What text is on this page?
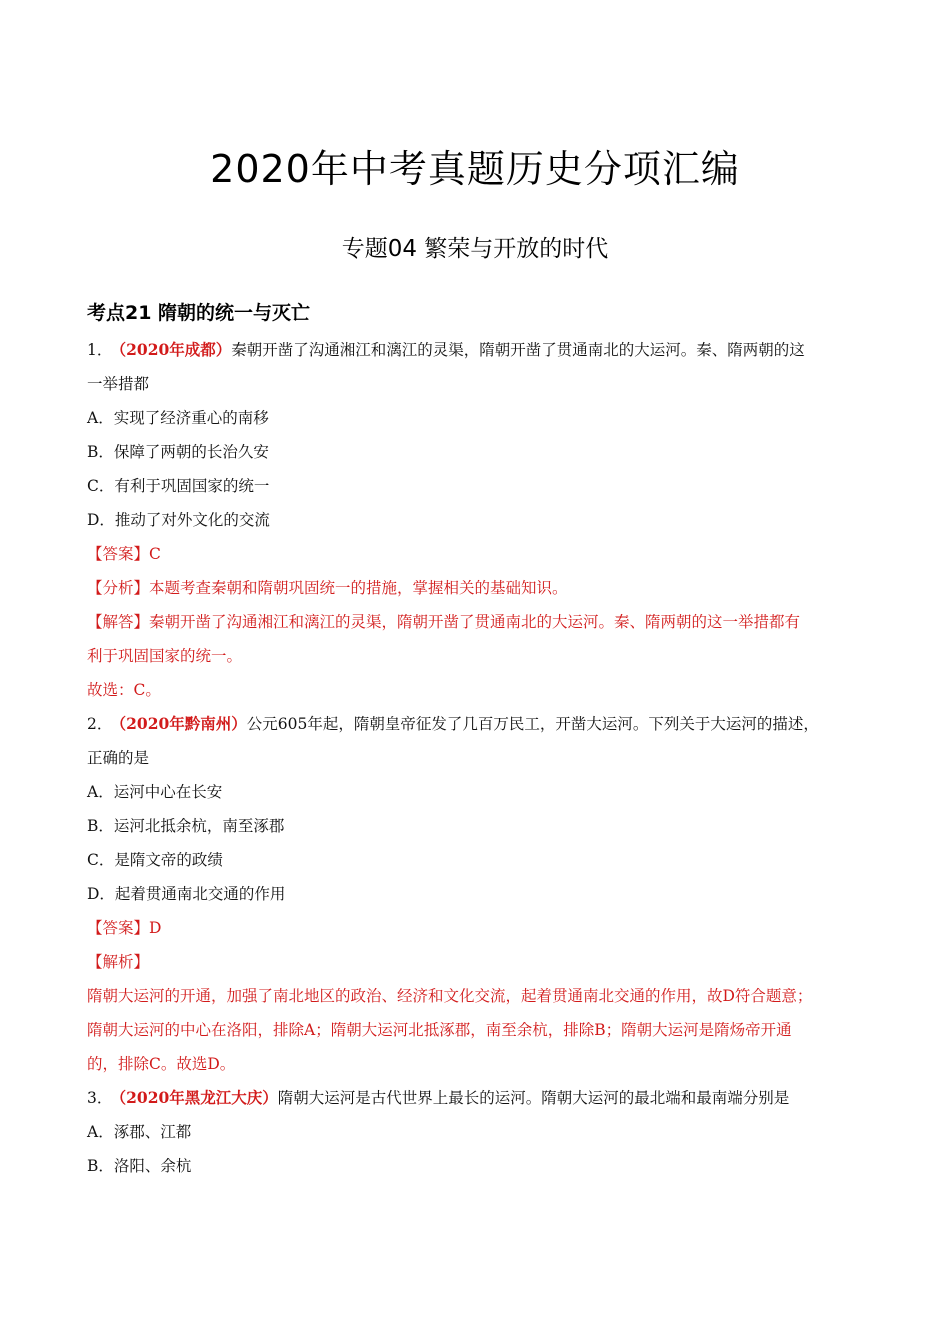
2020年中考真题历史分项汇编
专题04 繁荣与开放的时代
考点21 隋朝的统一与灭亡
1． （2020年成都）秦朝开凿了沟通湘江和漓江的灵渠，隋朝开凿了贯通南北的大运河。秦、隋两朝的这
一举措都
A．实现了经济重心的南移
B．保障了两朝的长治久安
C．有利于巩固国家的统一
D．推动了对外文化的交流
【答案】C
【分析】本题考查秦朝和隋朝巩固统一的措施，掌握相关的基础知识。
【解答】秦朝开凿了沟通湘江和漓江的灵渠，隋朝开凿了贯通南北的大运河。秦、隋两朝的这一举措都有
利于巩固国家的统一。
故选：C。
2． （2020年黔南州）公元605年起，隋朝皇帝征发了几百万民工，开凿大运河。下列关于大运河的描述，
正确的是
A．运河中心在长安
B．运河北抵余杭，南至涿郡
C．是隋文帝的政绩
D．起着贯通南北交通的作用
【答案】D
【解析】
隋朝大运河的开通，加强了南北地区的政治、经济和文化交流，起着贯通南北交通的作用，故D符合题意；
隋朝大运河的中心在洛阳，排除A；隋朝大运河北抵涿郡，南至余杭，排除B；隋朝大运河是隋炀帝开通
的，排除C。故选D。
3． （2020年黑龙江大庆）隋朝大运河是古代世界上最长的运河。隋朝大运河的最北端和最南端分别是
A．涿郡、江都
B．洛阳、余杭
